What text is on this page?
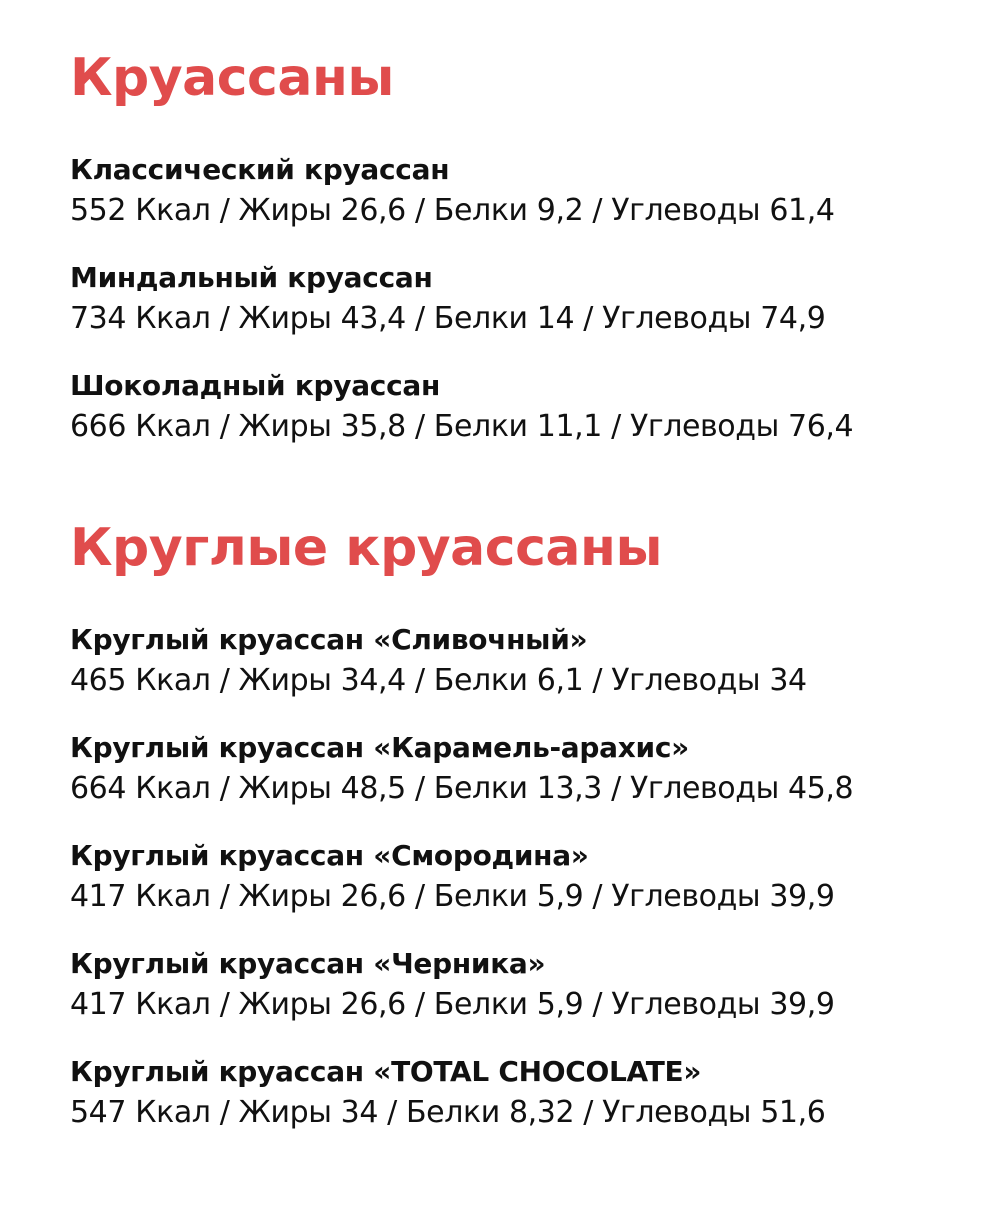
Круассаны
Классический круассан
552 Ккал / Жиры 26,6 / Белки 9,2 / Углеводы 61,4
Миндальный круассан
734 Ккал / Жиры 43,4 / Белки 14 / Углеводы 74,9
Шоколадный круассан
666 Ккал / Жиры 35,8 / Белки 11,1 / Углеводы 76,4
Круглые круассаны
Круглый круассан «Сливочный»
465 Ккал / Жиры 34,4 / Белки 6,1 / Углеводы 34
Круглый круассан «Карамель-арахис»
664 Ккал / Жиры 48,5 / Белки 13,3 / Углеводы 45,8
Круглый круассан «Смородина»
417 Ккал / Жиры 26,6 / Белки 5,9 / Углеводы 39,9
Круглый круассан «Черника»
417 Ккал / Жиры 26,6 / Белки 5,9 / Углеводы 39,9
Круглый круассан «TOTAL CHOCOLATE»
547 Ккал / Жиры 34 / Белки 8,32 / Углеводы 51,6
